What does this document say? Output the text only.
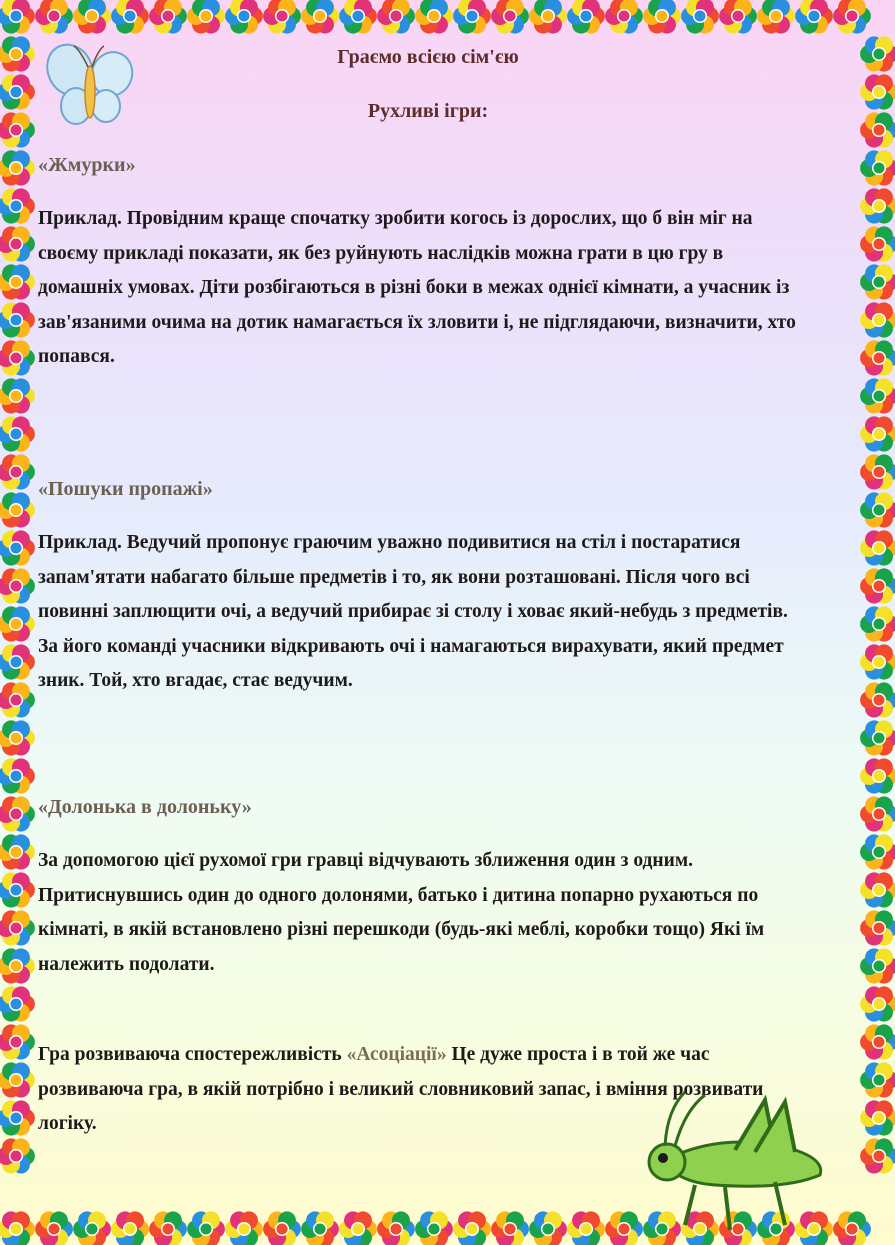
Граємо всією сім'єю
Рухливі ігри:
«Жмурки»
Приклад. Провідним краще спочатку зробити когось із дорослих, що б він міг на своєму прикладі показати, як без руйнують наслідків можна грати в цю гру в домашніх умовах. Діти розбігаються в різні боки в межах однієї кімнати, а учасник із зав'язаними очима на дотик намагається їх зловити і, не підглядаючи, визначити, хто попався.
«Пошуки пропажі»
Приклад. Ведучий пропонує граючим уважно подивитися на стіл і постаратися запам'ятати набагато більше предметів і то, як вони розташовані. Після чого всі повинні заплющити очі, а ведучий прибирає зі столу і ховає який-небудь з предметів. За його команді учасники відкривають очі і намагаються вирахувати, який предмет зник. Той, хто вгадає, стає ведучим.
«Долонька в долоньку»
За допомогою цієї рухомої гри гравці відчувають зближення один з одним. Притиснувшись один до одного долонями, батько і дитина попарно рухаються по кімнаті, в якій встановлено різні перешкоди (будь-які меблі, коробки тощо) Які їм належить подолати.
Гра розвиваюча спостережливість «Асоціації» Це дуже проста і в той же час розвиваюча гра, в якій потрібно і великий словниковий запас, і вміння розвивати логіку.
